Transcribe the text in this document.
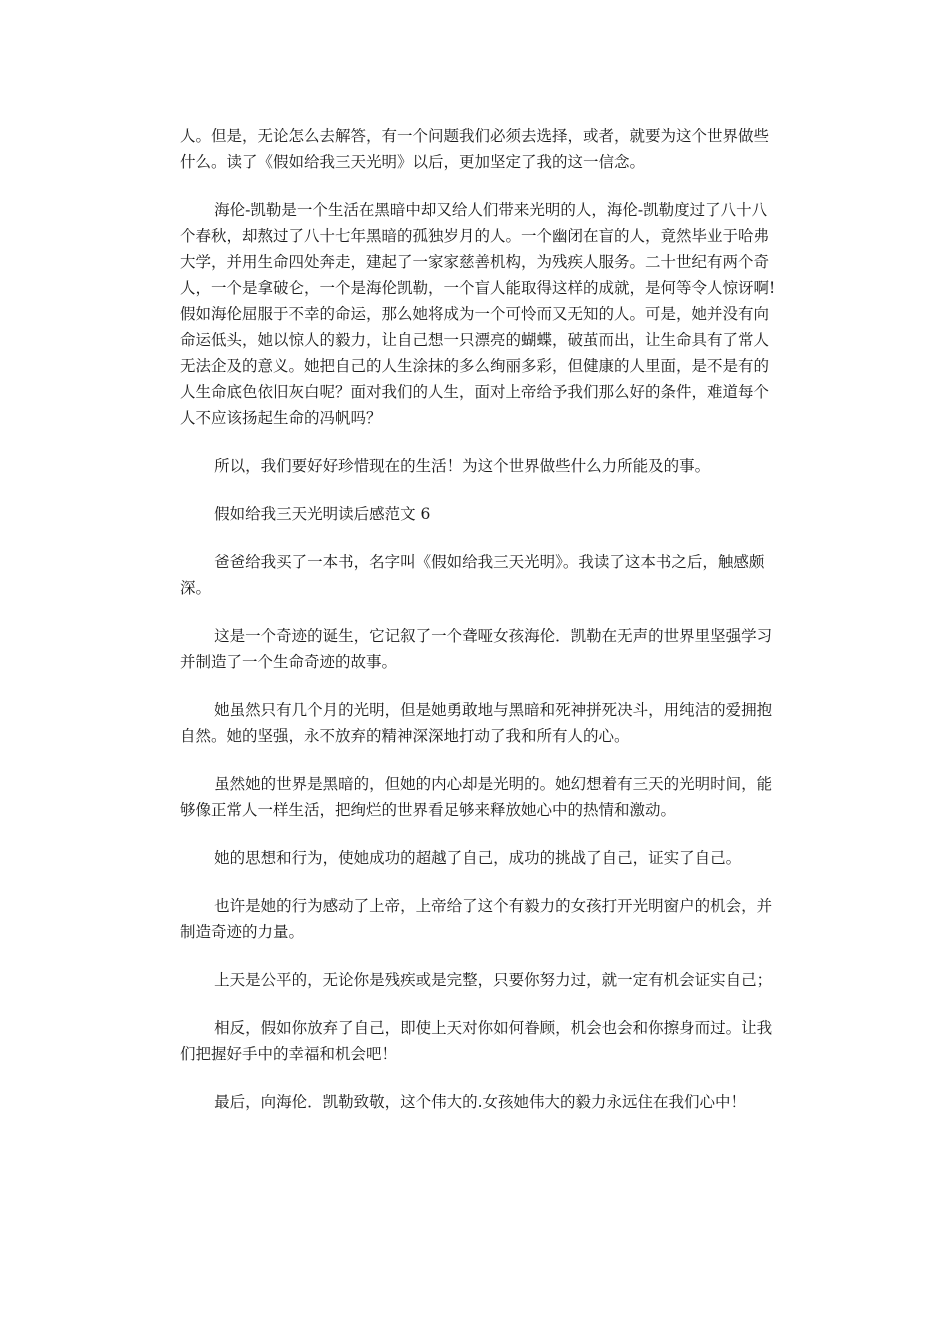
人。但是，无论怎么去解答，有一个问题我们必须去选择，或者，就要为这个世界做些什么。读了《假如给我三天光明》以后，更加坚定了我的这一信念。

海伦-凯勒是一个生活在黑暗中却又给人们带来光明的人，海伦-凯勒度过了八十八个春秋，却熬过了八十七年黑暗的孤独岁月的人。一个幽闭在盲的人，竟然毕业于哈弗大学，并用生命四处奔走，建起了一家家慈善机构，为残疾人服务。二十世纪有两个奇人，一个是拿破仑，一个是海伦凯勒，一个盲人能取得这样的成就，是何等令人惊讶啊!假如海伦屈服于不幸的命运，那么她将成为一个可怜而又无知的人。可是，她并没有向命运低头，她以惊人的毅力，让自己想一只漂亮的蝴蝶，破茧而出，让生命具有了常人无法企及的意义。她把自己的人生涂抹的多么绚丽多彩，但健康的人里面，是不是有的人生命底色依旧灰白呢？面对我们的人生，面对上帝给予我们那么好的条件，难道每个人不应该扬起生命的冯帆吗？

所以，我们要好好珍惜现在的生活！为这个世界做些什么力所能及的事。

假如给我三天光明读后感范文 6

爸爸给我买了一本书，名字叫《假如给我三天光明》。我读了这本书之后，触感颇深。

这是一个奇迹的诞生，它记叙了一个聋哑女孩海伦．凯勒在无声的世界里坚强学习并制造了一个生命奇迹的故事。

她虽然只有几个月的光明，但是她勇敢地与黑暗和死神拼死决斗，用纯洁的爱拥抱自然。她的坚强，永不放弃的精神深深地打动了我和所有人的心。

虽然她的世界是黑暗的，但她的内心却是光明的。她幻想着有三天的光明时间，能够像正常人一样生活，把绚烂的世界看足够来释放她心中的热情和激动。

她的思想和行为，使她成功的超越了自己，成功的挑战了自己，证实了自己。

也许是她的行为感动了上帝，上帝给了这个有毅力的女孩打开光明窗户的机会，并制造奇迹的力量。

上天是公平的，无论你是残疾或是完整，只要你努力过，就一定有机会证实自己；

相反，假如你放弃了自己，即使上天对你如何眷顾，机会也会和你擦身而过。让我们把握好手中的幸福和机会吧！

最后，向海伦．凯勒致敬，这个伟大的.女孩她伟大的毅力永远住在我们心中！
